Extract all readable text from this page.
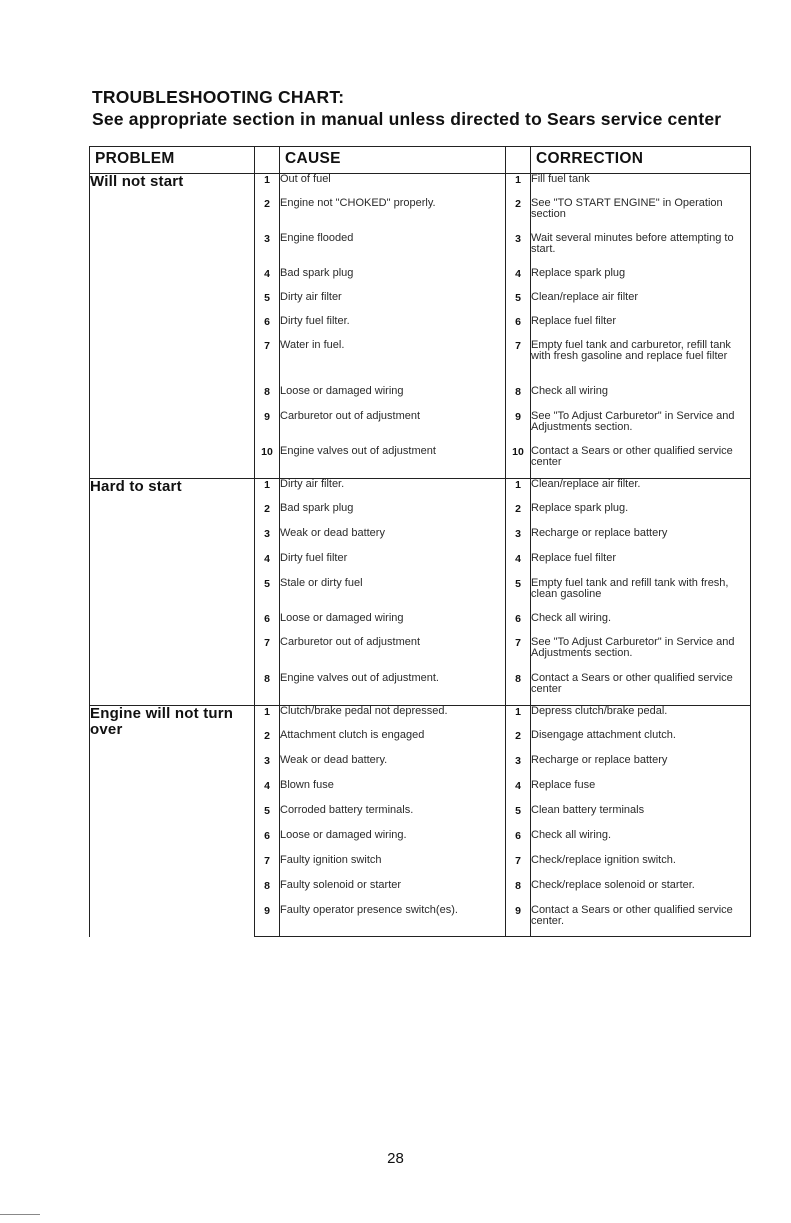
TROUBLESHOOTING CHART:
See appropriate section in manual unless directed to Sears service center
PROBLEM		CAUSE		CORRECTION
Will not start	1	Out of fuel	1	Fill fuel tank
	2	Engine not "CHOKED" properly.	2	See "TO START ENGINE" in Operation section
	3	Engine flooded	3	Wait several minutes before attempting to start.
	4	Bad spark plug	4	Replace spark plug
	5	Dirty air filter	5	Clean/replace air filter
	6	Dirty fuel filter.	6	Replace fuel filter
	7	Water in fuel.	7	Empty fuel tank and carburetor, refill tank with fresh gasoline and replace fuel filter
	8	Loose or damaged wiring	8	Check all wiring
	9	Carburetor out of adjustment	9	See "To Adjust Carburetor" in Service and Adjustments section.
	10	Engine valves out of adjustment	10	Contact a Sears or other qualified service center
Hard to start	1	Dirty air filter.	1	Clean/replace air filter.
	2	Bad spark plug	2	Replace spark plug.
	3	Weak or dead battery	3	Recharge or replace battery
	4	Dirty fuel filter	4	Replace fuel filter
	5	Stale or dirty fuel	5	Empty fuel tank and refill tank with fresh, clean gasoline
	6	Loose or damaged wiring	6	Check all wiring.
	7	Carburetor out of adjustment	7	See "To Adjust Carburetor" in Service and Adjustments section.
	8	Engine valves out of adjustment.	8	Contact a Sears or other qualified service center
Engine will not turn over	1	Clutch/brake pedal not depressed.	1	Depress clutch/brake pedal.
	2	Attachment clutch is engaged	2	Disengage attachment clutch.
	3	Weak or dead battery.	3	Recharge or replace battery
	4	Blown fuse	4	Replace fuse
	5	Corroded battery terminals.	5	Clean battery terminals
	6	Loose or damaged wiring.	6	Check all wiring.
	7	Faulty ignition switch	7	Check/replace ignition switch.
	8	Faulty solenoid or starter	8	Check/replace solenoid or starter.
	9	Faulty operator presence switch(es).	9	Contact a Sears or other qualified service center.
28
